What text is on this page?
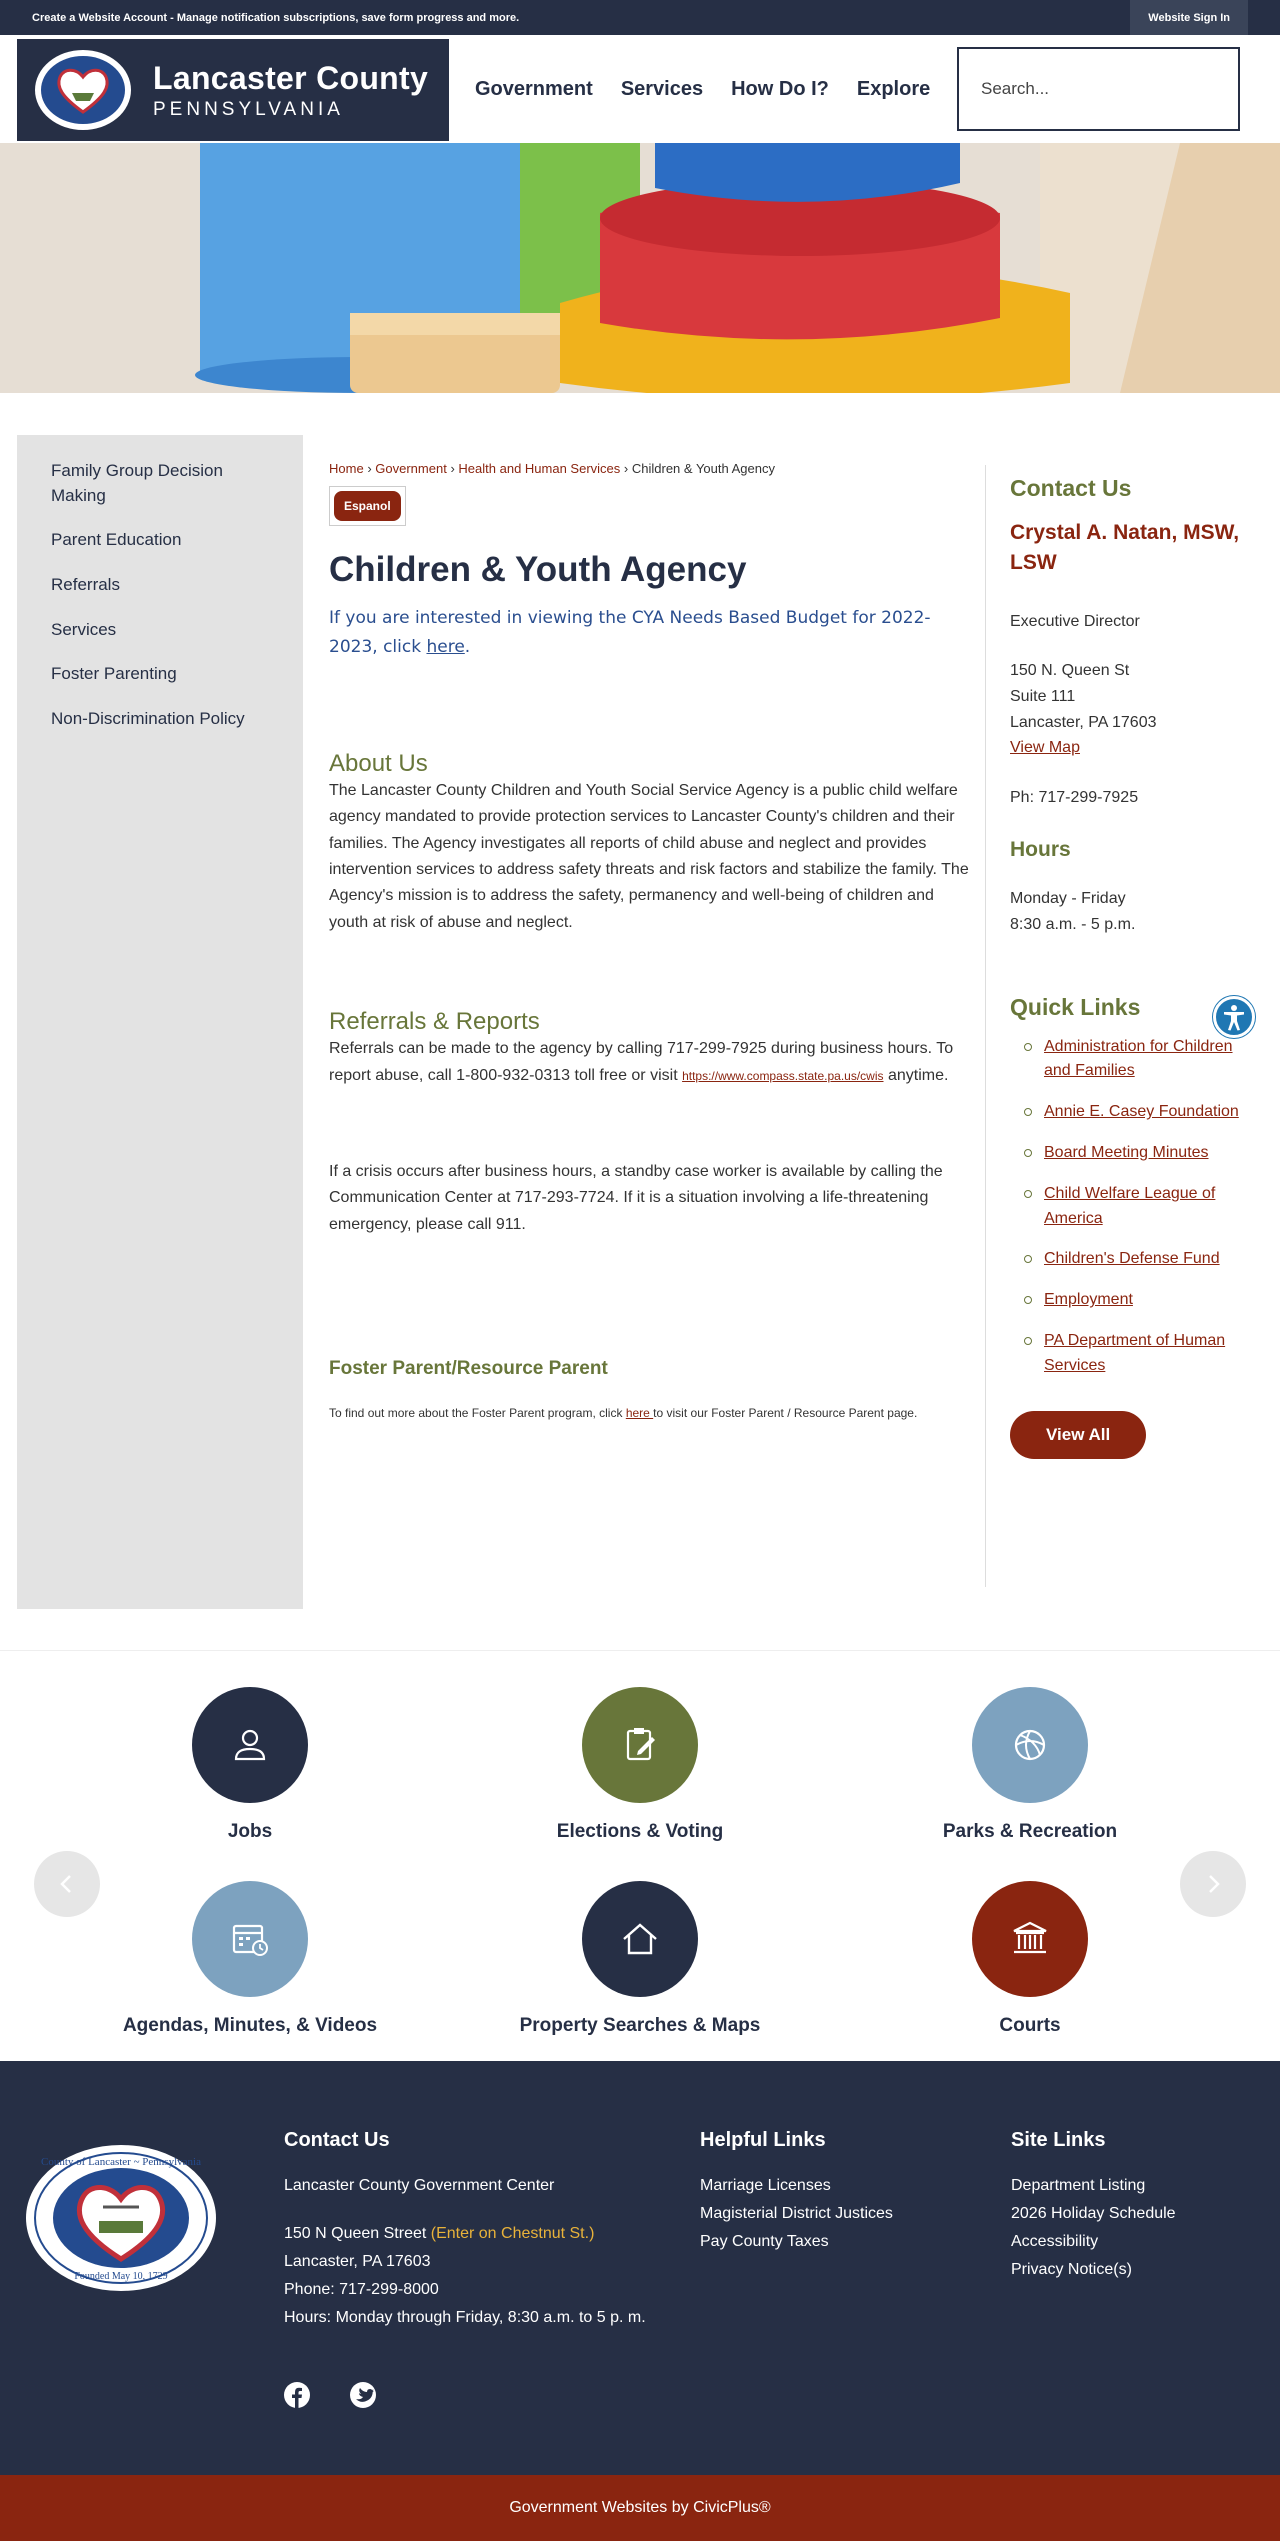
Create a Website Account - Manage notification subscriptions, save form progress and more.	Website Sign In
Lancaster County
PENNSYLVANIA
Government Services How Do I? Explore	Search...
Family Group Decision Making
Parent Education
Referrals
Services
Foster Parenting
Non-Discrimination Policy
Home › Government › Health and Human Services › Children & Youth Agency
Espanol
Children & Youth Agency

If you are interested in viewing the CYA Needs Based Budget for 2022-2023, click here.

About Us

The Lancaster County Children and Youth Social Service Agency is a public child welfare agency mandated to provide protection services to Lancaster County's children and their families. The Agency investigates all reports of child abuse and neglect and provides intervention services to address safety threats and risk factors and stabilize the family. The Agency's mission is to address the safety, permanency and well-being of children and youth at risk of abuse and neglect.

Referrals & Reports

Referrals can be made to the agency by calling 717-299-7925 during business hours. To report abuse, call 1-800-932-0313 toll free or visit https://www.compass.state.pa.us/cwis anytime.

If a crisis occurs after business hours, a standby case worker is available by calling the Communication Center at 717-293-7724. If it is a situation involving a life-threatening emergency, please call 911.

Foster Parent/Resource Parent

To find out more about the Foster Parent program, click here to visit our Foster Parent / Resource Parent page.

Contact Us
Crystal A. Natan, MSW, LSW
Executive Director
150 N. Queen St
Suite 111
Lancaster, PA 17603
View Map
Ph: 717-299-7925
Hours
Monday - Friday
8:30 a.m. - 5 p.m.
Quick Links
Administration for Children and Families
Annie E. Casey Foundation
Board Meeting Minutes
Child Welfare League of America
Children's Defense Fund
Employment
PA Department of Human Services
View All
Jobs	Elections & Voting	Parks & Recreation
Agendas, Minutes, & Videos	Property Searches & Maps	Courts
County of Lancaster ~ Pennsylvania
Founded May 10, 1729
Contact Us
Lancaster County Government Center
150 N Queen Street (Enter on Chestnut St.)
Lancaster, PA 17603
Phone: 717-299-8000
Hours: Monday through Friday, 8:30 a.m. to 5 p. m.
Helpful Links
Marriage Licenses
Magisterial District Justices
Pay County Taxes
Site Links
Department Listing
2026 Holiday Schedule
Accessibility
Privacy Notice(s)
Government Websites by CivicPlus®
